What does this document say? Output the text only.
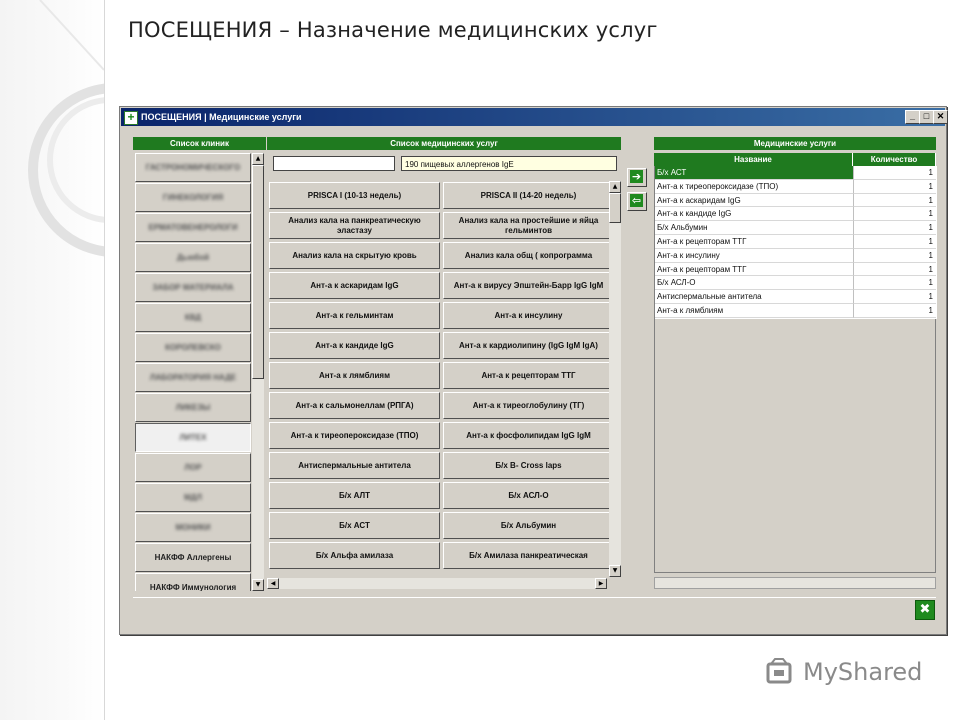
ПОСЕЩЕНИЯ – Назначение медицинских услуг
+ ПОСЕЩЕНИЯ | Медицинские услуги	_ □ ✕
Список клиник
ГАСТРОНОМИЧЕСКОГО
ГИНЕКОЛОГИЯ
ЕРМАТОВЕНЕРОЛОГИ
Дьюбой
ЗАБОР МАТЕРИАЛА
КВД
КОРОЛЕВСКО
ЛАБОРАТОРИЯ НАДЕ
ЛИКЕЗЫ
ЛИТЕХ
ЛОР
МДЛ
МОНИКИ
НАКФФ Аллергены
НАКФФ Иммунология
▲
▼
Список медицинских услуг
190 пищевых аллергенов IgE
PRISCA I (10-13 недель)	PRISCA II (14-20 недель)
Анализ кала на панкреатическую эластазу
Анализ кала на простейшие и яйца гельминтов
Анализ кала на скрытую кровь	Анализ кала общ ( копрограмма
Ант-а к аскаридам IgG	Ант-а к вирусу Эпштейн-Барр IgG IgM
Ант-а к гельминтам	Ант-а к инсулину
Ант-а к кандиде IgG	Ант-а к кардиолипину (IgG IgM IgA)
Ант-а к лямблиям	Ант-а к рецепторам ТТГ
Ант-а к сальмонеллам (РПГА)	Ант-а к тиреоглобулину (ТГ)
Ант-а к тиреопероксидазе (ТПО)	Ант-а к фосфолипидам IgG IgM
Антиспермальные антитела	Б/х В- Cross laps
Б/х АЛТ	Б/х АСЛ-О
Б/х АСТ	Б/х Альбумин
Б/х Альфа амилаза	Б/х Амилаза панкреатическая
▲
▼
◀	▶
➔
⇦
Медицинские услуги
Название	Количество
Б/х АСТ	1
Ант-а к тиреопероксидазе (ТПО)	1
Ант-а к аскаридам IgG	1
Ант-а к кандиде IgG	1
Б/х Альбумин	1
Ант-а к рецепторам ТТГ	1
Ант-а к инсулину	1
Ант-а к рецепторам ТТГ	1
Б/х АСЛ-О	1
Антиспермальные антитела	1
Ант-а к лямблиям	1
✖
MyShared
